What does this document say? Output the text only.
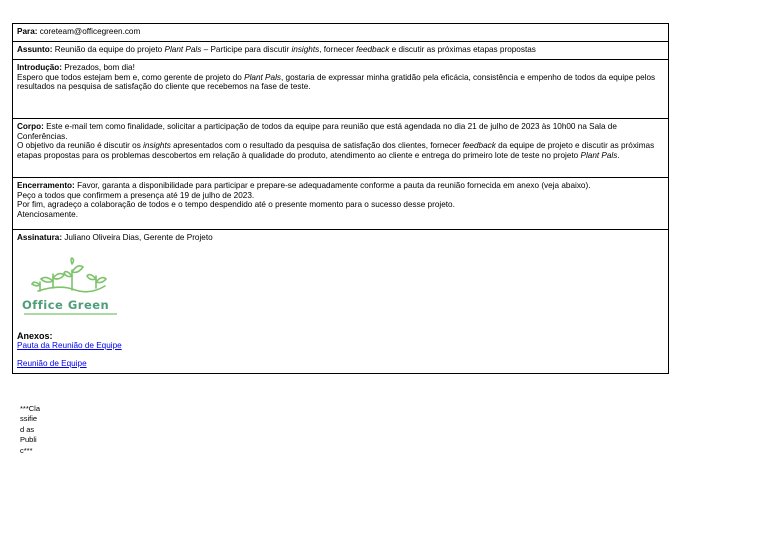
Para: coreteam@officegreen.com
Assunto: Reunião da equipe do projeto Plant Pals – Participe para discutir insights, fornecer feedback e discutir as próximas etapas propostas
Introdução: Prezados, bom dia!
Espero que todos estejam bem e, como gerente de projeto do Plant Pals, gostaria de expressar minha gratidão pela eficácia, consistência e empenho de todos da equipe pelos resultados na pesquisa de satisfação do cliente que recebemos na fase de teste.
Corpo: Este e-mail tem como finalidade, solicitar a participação de todos da equipe para reunião que está agendada no dia 21 de julho de 2023 às 10h00 na Sala de Conferências.
O objetivo da reunião é discutir os insights apresentados com o resultado da pesquisa de satisfação dos clientes, fornecer feedback da equipe de projeto e discutir as próximas etapas propostas para os problemas descobertos em relação à qualidade do produto, atendimento ao cliente e entrega do primeiro lote de teste no projeto Plant Pals.
Encerramento: Favor, garanta a disponibilidade para participar e prepare-se adequadamente conforme a pauta da reunião fornecida em anexo (veja abaixo).
Peço a todos que confirmem a presença até 19 de julho de 2023.
Por fim, agradeço a colaboração de todos e o tempo despendido até o presente momento para o sucesso desse projeto.
Atenciosamente.
Assinatura: Juliano Oliveira Dias, Gerente de Projeto
Office Green
Anexos:
Pauta da Reunião de Equipe
Reunião de Equipe
***Classified as Public***
